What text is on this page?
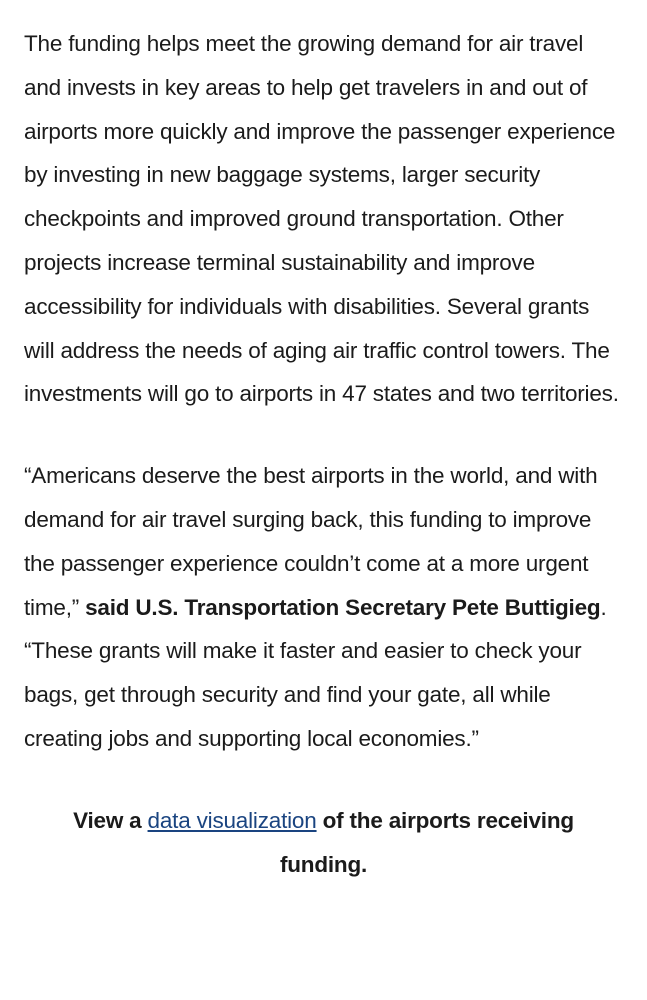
The funding helps meet the growing demand for air travel and invests in key areas to help get travelers in and out of airports more quickly and improve the passenger experience by investing in new baggage systems, larger security checkpoints and improved ground transportation. Other projects increase terminal sustainability and improve accessibility for individuals with disabilities. Several grants will address the needs of aging air traffic control towers. The investments will go to airports in 47 states and two territories.

“Americans deserve the best airports in the world, and with demand for air travel surging back, this funding to improve the passenger experience couldn’t come at a more urgent time,” said U.S. Transportation Secretary Pete Buttigieg. “These grants will make it faster and easier to check your bags, get through security and find your gate, all while creating jobs and supporting local economies.”

View a data visualization of the airports receiving funding.
